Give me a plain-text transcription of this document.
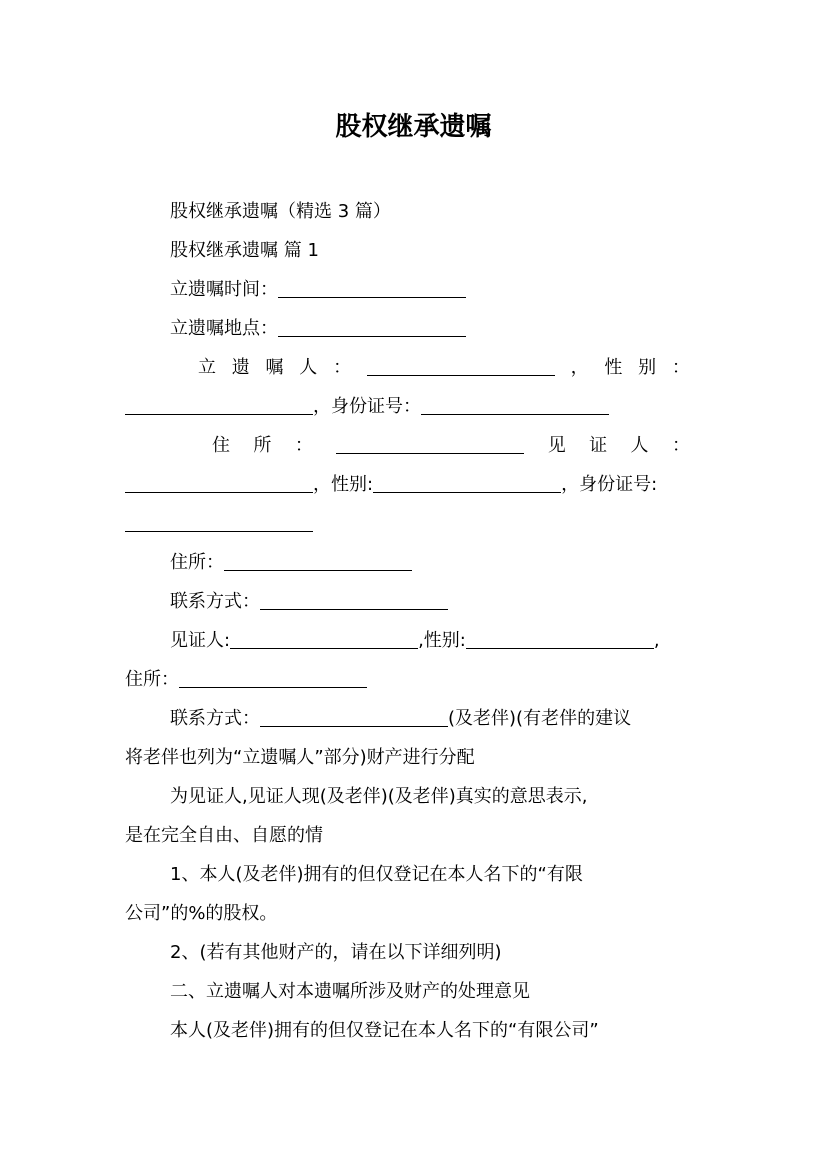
股权继承遗嘱
股权继承遗嘱（精选 3 篇）
股权继承遗嘱 篇 1
立遗嘱时间：
立遗嘱地点：
立 遗 嘱 人 ：	， 性 别 ：
，身份证号：
住 所 ：	见 证 人 ：
，性别:	，身份证号:
住所：
联系方式：
见证人:	,性别:	,
住所：
联系方式：	(及老伴)(有老伴的建议
将老伴也列为“立遗嘱人”部分)财产进行分配
为见证人,见证人现(及老伴)(及老伴)真实的意思表示,
是在完全自由、自愿的情
1、本人(及老伴)拥有的但仅登记在本人名下的“有限
公司”的%的股权。
2、(若有其他财产的，请在以下详细列明)
二、立遗嘱人对本遗嘱所涉及财产的处理意见
本人(及老伴)拥有的但仅登记在本人名下的“有限公司”
